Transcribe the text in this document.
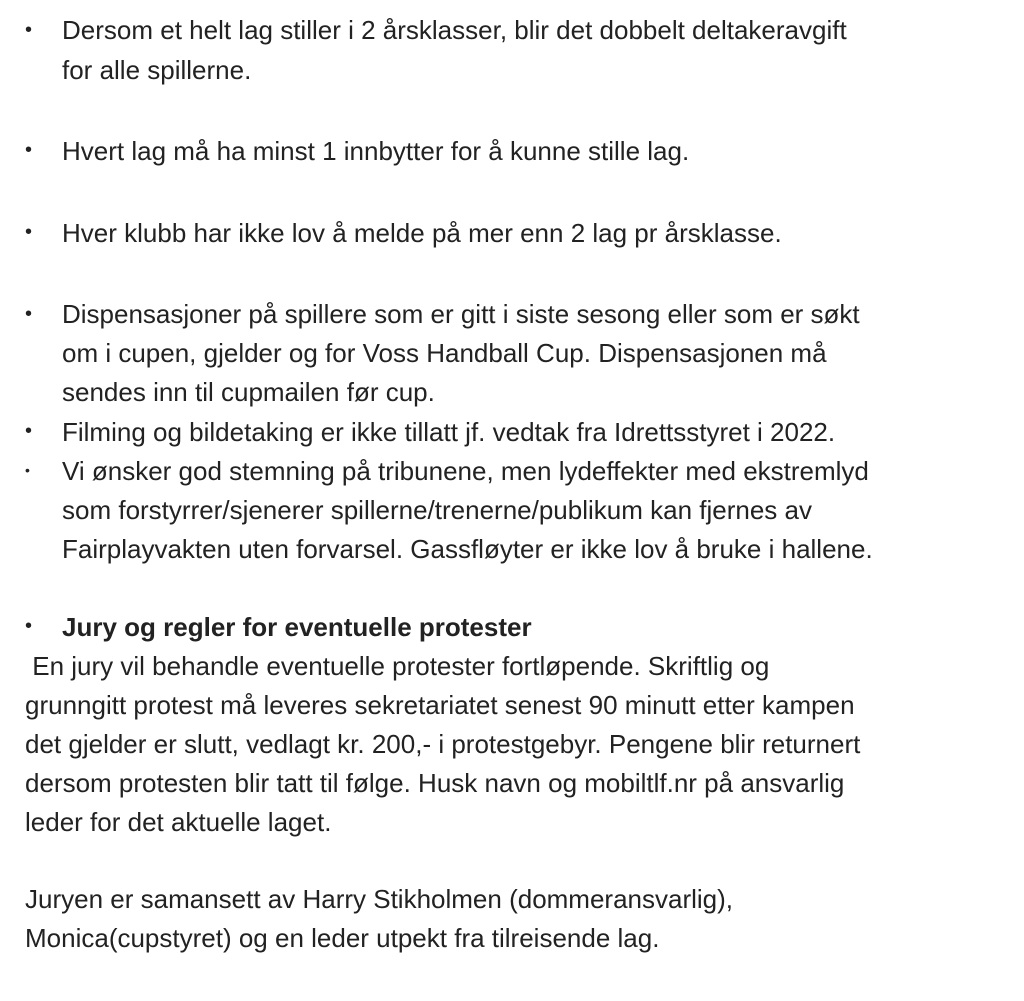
• Dersom et helt lag stiller i 2 årsklasser, blir det dobbelt deltakeravgift
for alle spillerne.
• Hvert lag må ha minst 1 innbytter for å kunne stille lag.
• Hver klubb har ikke lov å melde på mer enn 2 lag pr årsklasse.
• Dispensasjoner på spillere som er gitt i siste sesong eller som er søkt
om i cupen, gjelder og for Voss Handball Cup. Dispensasjonen må
sendes inn til cupmailen før cup.
• Filming og bildetaking er ikke tillatt jf. vedtak fra Idrettsstyret i 2022.
• Vi ønsker god stemning på tribunene, men lydeffekter med ekstremlyd
som forstyrrer/sjenerer spillerne/trenerne/publikum kan fjernes av
Fairplayvakten uten forvarsel. Gassfløyter er ikke lov å bruke i hallene.
• Jury og regler for eventuelle protester
En jury vil behandle eventuelle protester fortløpende. Skriftlig og
grunngitt protest må leveres sekretariatet senest 90 minutt etter kampen
det gjelder er slutt, vedlagt kr. 200,- i protestgebyr. Pengene blir returnert
dersom protesten blir tatt til følge. Husk navn og mobiltlf.nr på ansvarlig
leder for det aktuelle laget.
Juryen er samansett av Harry Stikholmen (dommeransvarlig),
Monica(cupstyret) og en leder utpekt fra tilreisende lag.
